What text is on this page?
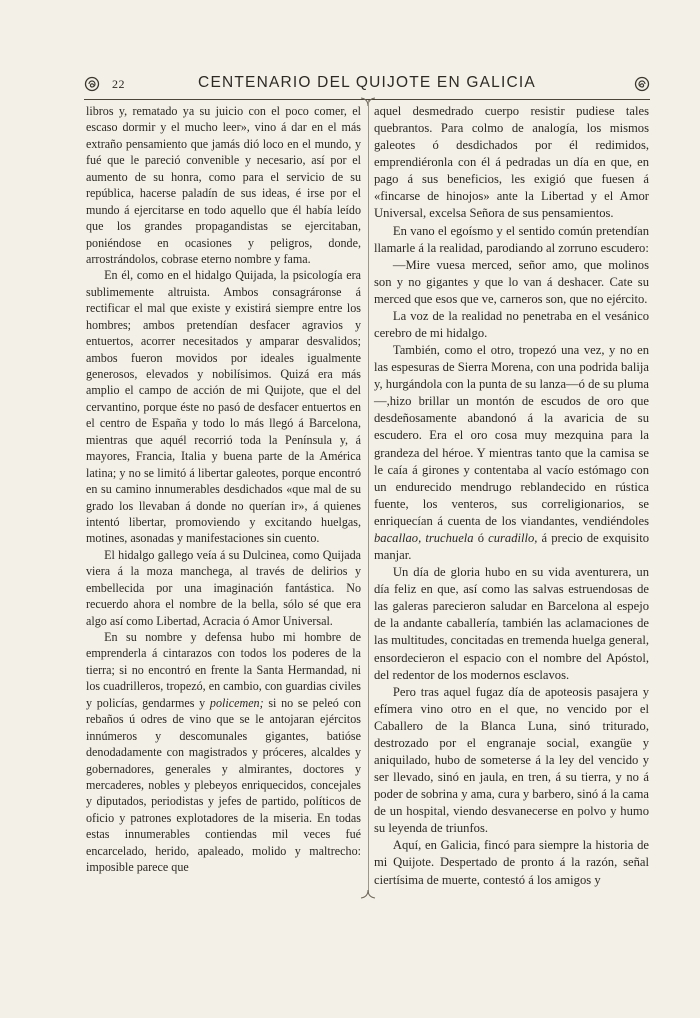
22	CENTENARIO DEL QUIJOTE EN GALICIA

libros y, rematado ya su juicio con el poco comer, el escaso dormir y el mucho leer», vino á dar en el más extraño pensamiento que jamás dió loco en el mundo, y fué que le pareció convenible y necesario, así por el aumento de su honra, como para el servicio de su república, hacerse paladín de sus ideas, é irse por el mundo á ejercitarse en todo aquello que él había leído que los grandes propagandistas se ejercitaban, poniéndose en ocasiones y peligros, donde, arrostrándolos, cobrase eterno nombre y fama.

En él, como en el hidalgo Quijada, la psicología era sublimemente altruista. Ambos consagráronse á rectificar el mal que existe y existirá siempre entre los hombres; ambos pretendían desfacer agravios y entuertos, acorrer necesitados y amparar desvalidos; ambos fueron movidos por ideales igualmente generosos, elevados y nobilísimos. Quizá era más amplio el campo de acción de mi Quijote, que el del cervantino, porque éste no pasó de desfacer entuertos en el centro de España y todo lo más llegó á Barcelona, mientras que aquél recorrió toda la Península y, á mayores, Francia, Italia y buena parte de la América latina; y no se limitó á libertar galeotes, porque encontró en su camino innumerables desdichados «que mal de su grado los llevaban á donde no querían ir», á quienes intentó libertar, promoviendo y excitando huelgas, motines, asonadas y manifestaciones sin cuento.

El hidalgo gallego veía á su Dulcinea, como Quijada viera á la moza manchega, al través de delirios y embellecida por una imaginación fantástica. No recuerdo ahora el nombre de la bella, sólo sé que era algo así como Libertad, Acracia ó Amor Universal.

En su nombre y defensa hubo mi hombre de emprenderla á cintarazos con todos los poderes de la tierra; si no encontró en frente la Santa Hermandad, ni los cuadrilleros, tropezó, en cambio, con guardias civiles y policías, gendarmes y policemen; si no se peleó con rebaños ú odres de vino que se le antojaran ejércitos innúmeros y descomunales gigantes, batióse denodadamente con magistrados y próceres, alcaldes y gobernadores, generales y almirantes, doctores y mercaderes, nobles y plebeyos enriquecidos, concejales y diputados, periodistas y jefes de partido, políticos de oficio y patrones explotadores de la miseria. En todas estas innumerables contiendas mil veces fué encarcelado, herido, apaleado, molido y maltrecho: imposible parece que

aquel desmedrado cuerpo resistir pudiese tales quebrantos. Para colmo de analogía, los mismos galeotes ó desdichados por él redimidos, emprendiéronla con él á pedradas un día en que, en pago á sus beneficios, les exigió que fuesen á «fincarse de hinojos» ante la Libertad y el Amor Universal, excelsa Señora de sus pensamientos.

En vano el egoísmo y el sentido común pretendían llamarle á la realidad, parodiando al zorruno escudero:

—Mire vuesa merced, señor amo, que molinos son y no gigantes y que lo van á deshacer. Cate su merced que esos que ve, carneros son, que no ejército.

La voz de la realidad no penetraba en el vesánico cerebro de mi hidalgo.

También, como el otro, tropezó una vez, y no en las espesuras de Sierra Morena, con una podrida balija y, hurgándola con la punta de su lanza—ó de su pluma—,hizo brillar un montón de escudos de oro que desdeñosamente abandonó á la avaricia de su escudero. Era el oro cosa muy mezquina para la grandeza del héroe. Y mientras tanto que la camisa se le caía á girones y contentaba al vacío estómago con un endurecido mendrugo reblandecido en rústica fuente, los venteros, sus correligionarios, se enriquecían á cuenta de los viandantes, vendiéndoles bacallao, truchuela ó curadillo, á precio de exquisito manjar.

Un día de gloria hubo en su vida aventurera, un día feliz en que, así como las salvas estruendosas de las galeras parecieron saludar en Barcelona al espejo de la andante caballería, también las aclamaciones de las multitudes, concitadas en tremenda huelga general, ensordecieron el espacio con el nombre del Apóstol, del redentor de los modernos esclavos.

Pero tras aquel fugaz día de apoteosis pasajera y efímera vino otro en el que, no vencido por el Caballero de la Blanca Luna, sinó triturado, destrozado por el engranaje social, exangüe y aniquilado, hubo de someterse á la ley del vencido y ser llevado, sinó en jaula, en tren, á su tierra, y no á poder de sobrina y ama, cura y barbero, sinó á la cama de un hospital, viendo desvanecerse en polvo y humo su leyenda de triunfos.

Aquí, en Galicia, fincó para siempre la historia de mi Quijote. Despertado de pronto á la razón, señal ciertísima de muerte, contestó á los amigos y
